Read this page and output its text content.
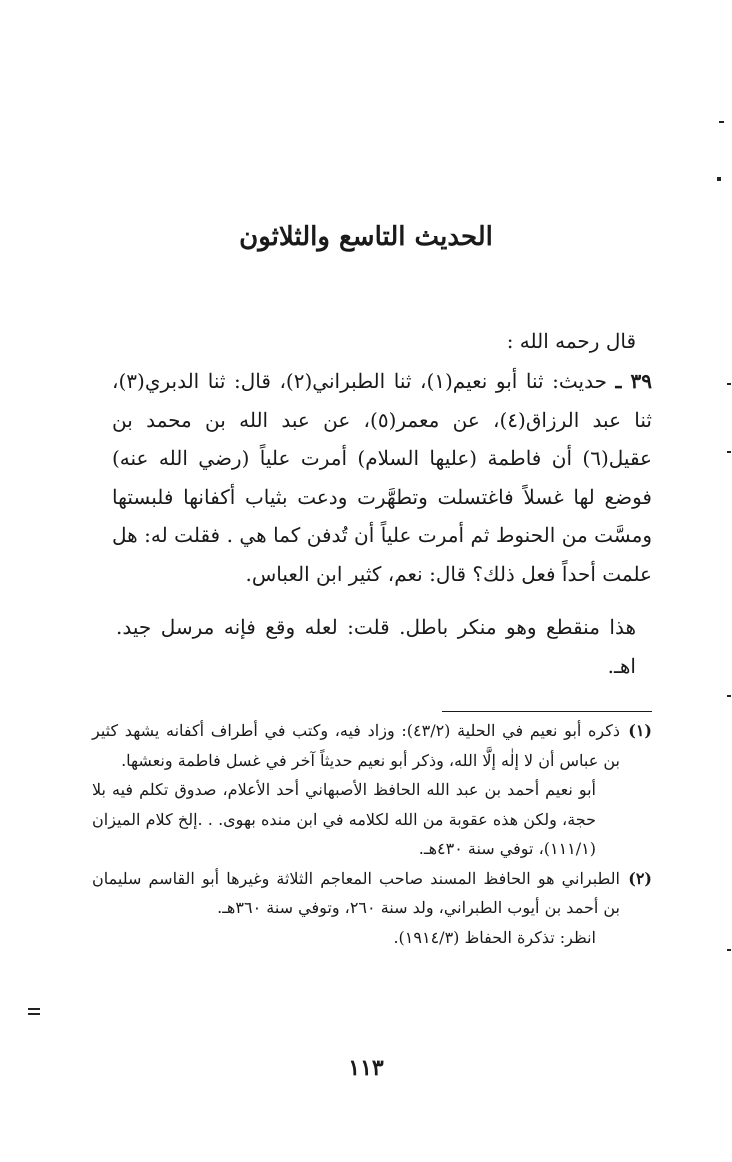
الحديث التاسع والثلاثون
قال رحمه الله :
٣٩ ـ حديث: ثنا أبو نعيم(١)، ثنا الطبراني(٢)، قال: ثنا الدبري(٣)، ثنا عبد الرزاق(٤)، عن معمر(٥)، عن عبد الله بن محمد بن عقيل(٦) أن فاطمة (عليها السلام) أمرت علياً (رضي الله عنه) فوضع لها غسلاً فاغتسلت وتطهَّرت ودعت بثياب أكفانها فلبستها ومسَّت من الحنوط ثم أمرت علياً أن تُدفن كما هي . فقلت له: هل علمت أحداً فعل ذلك؟ قال: نعم، كثير ابن العباس.

هذا منقطع وهو منكر باطل. قلت: لعله وقع فإنه مرسل جيد. اهـ.

(١)

ذكره أبو نعيم في الحلية (٤٣/٢): وزاد فيه، وكتب في أطراف أكفانه يشهد كثير بن عباس أن لا إلٰه إلَّا الله، وذكر أبو نعيم حديثاً آخر في غسل فاطمة ونعشها.

أبو نعيم أحمد بن عبد الله الحافظ الأصبهاني أحد الأعلام، صدوق تكلم فيه بلا حجة، ولكن هذه عقوبة من الله لكلامه في ابن منده بهوى. . .إلخ كلام الميزان (١١١/١)، توفي سنة ٤٣٠هـ.

(٢)

الطبراني هو الحافظ المسند صاحب المعاجم الثلاثة وغيرها أبو القاسم سليمان بن أحمد بن أيوب الطبراني، ولد سنة ٢٦٠، وتوفي سنة ٣٦٠هـ.

انظر: تذكرة الحفاظ (١٩١٤/٣).

١١٣
